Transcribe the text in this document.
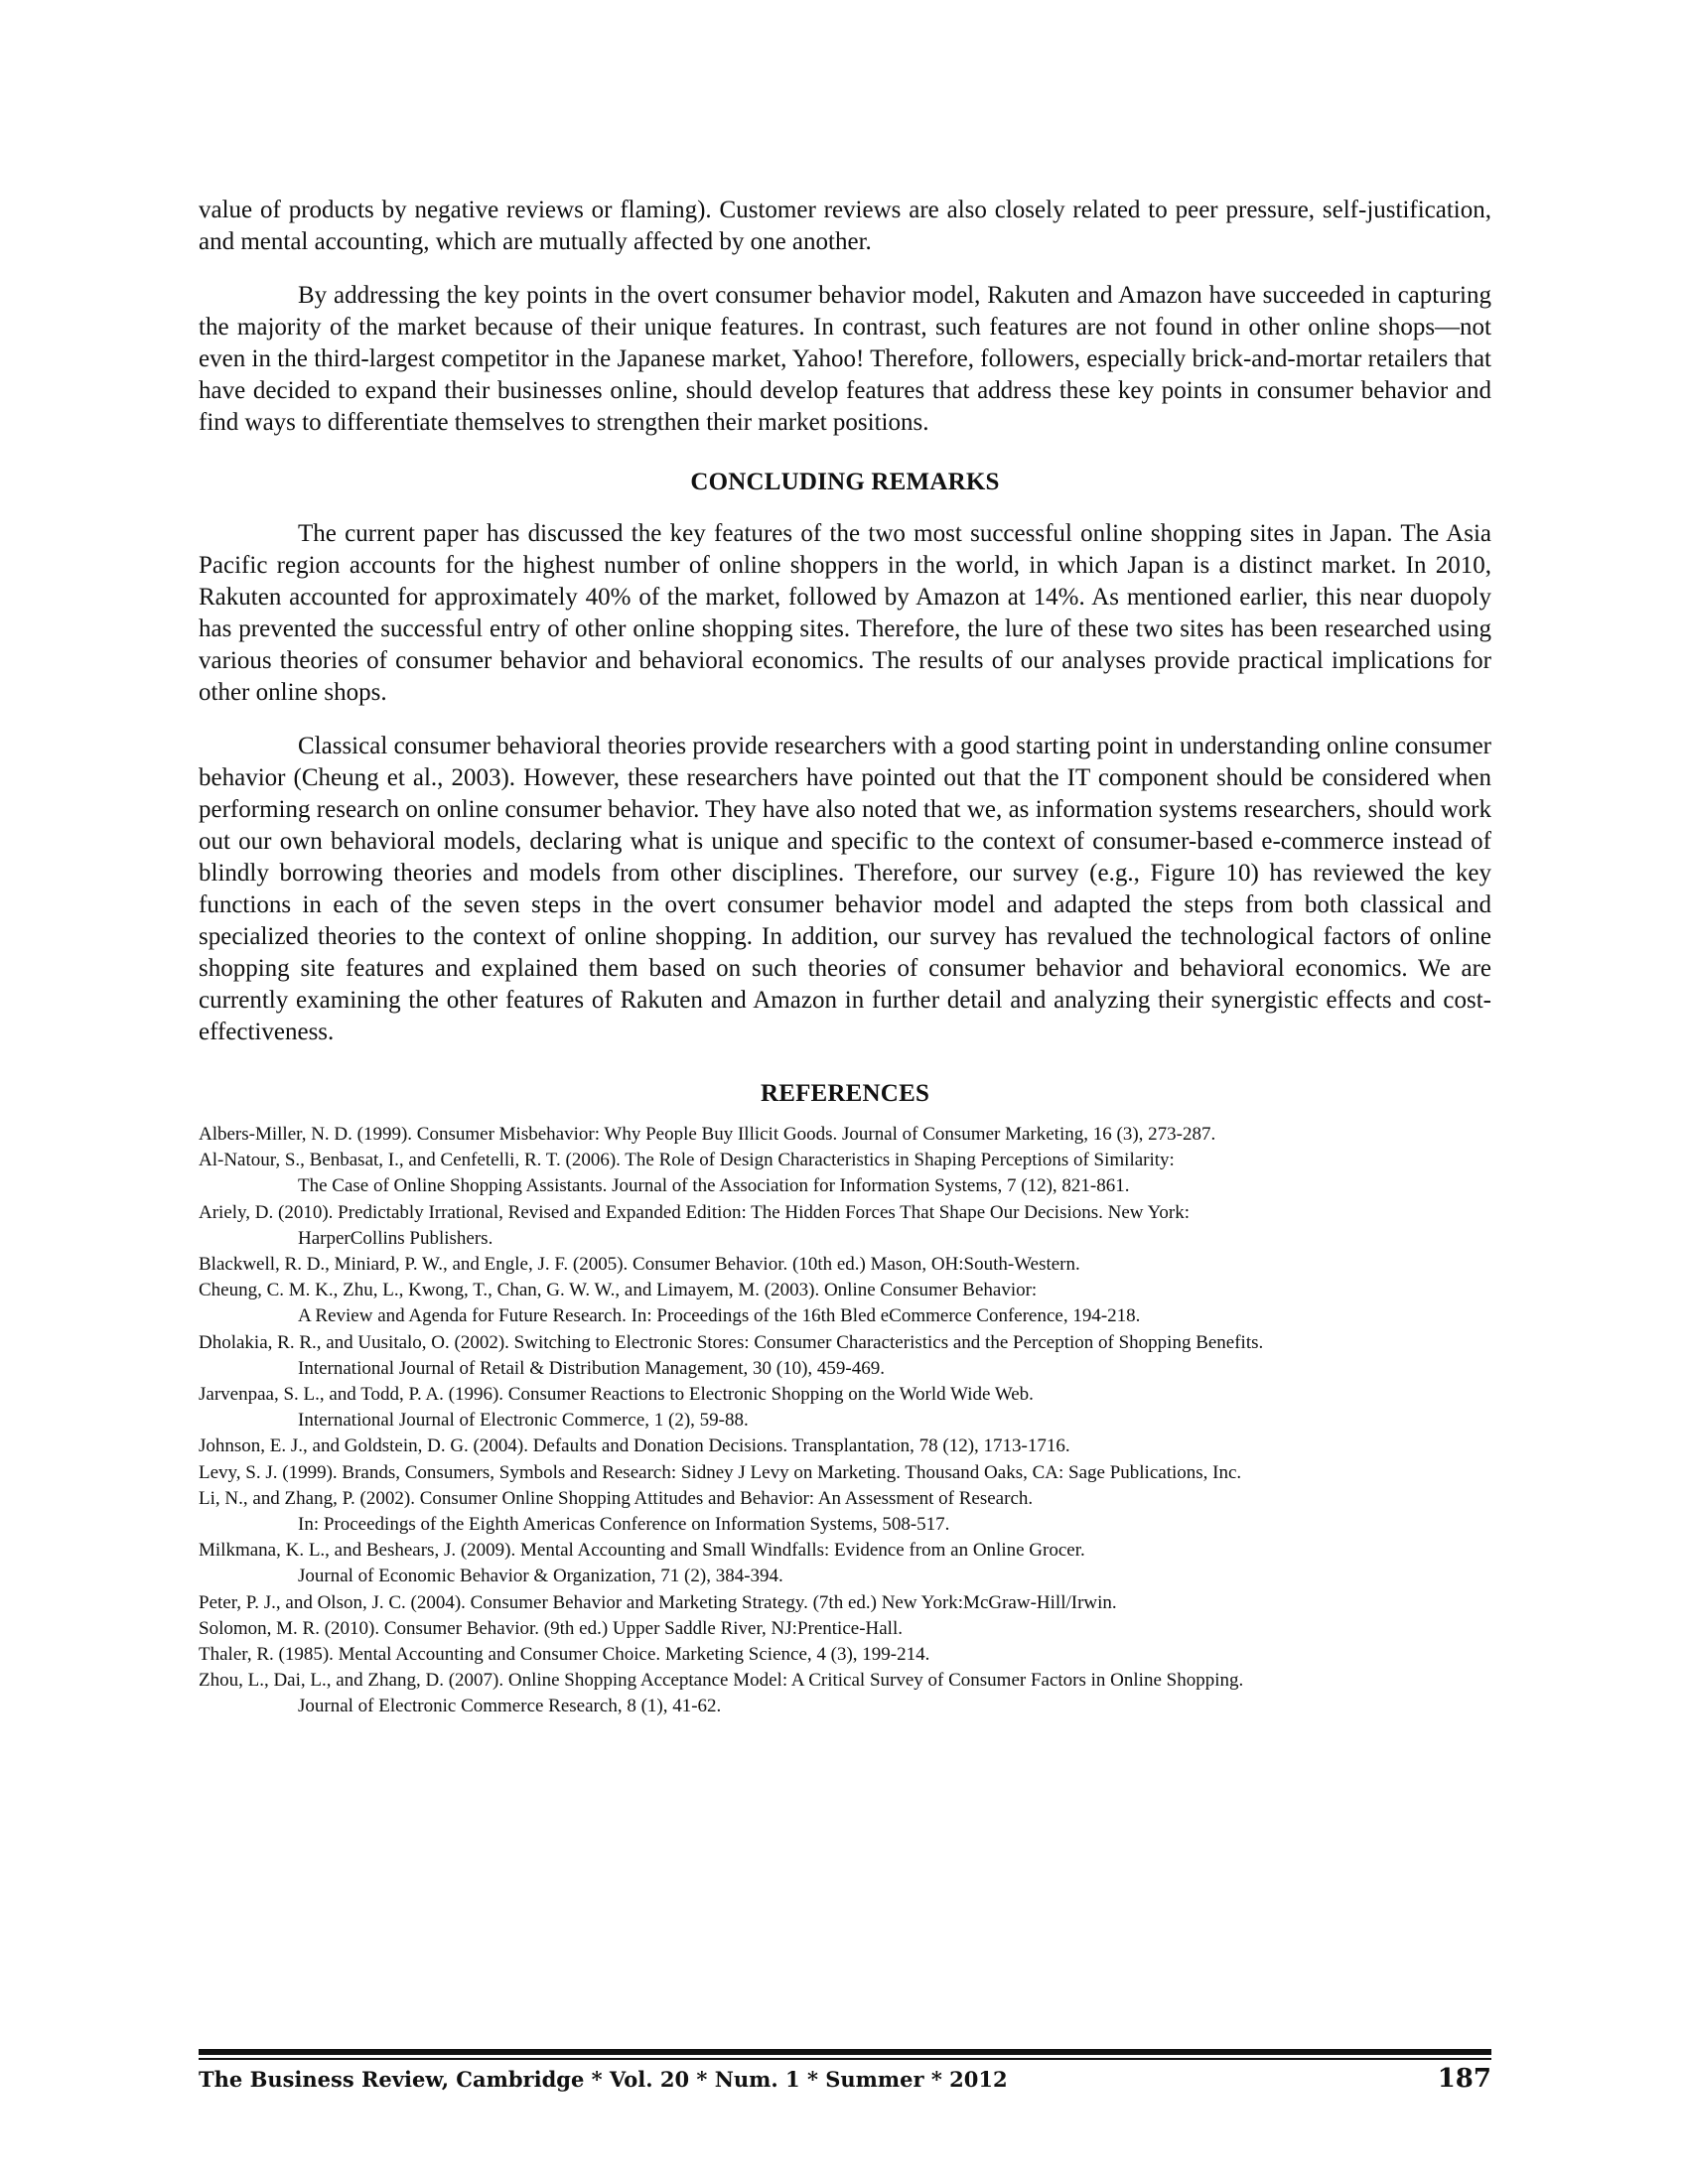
value of products by negative reviews or flaming). Customer reviews are also closely related to peer pressure, self-justification, and mental accounting, which are mutually affected by one another.

By addressing the key points in the overt consumer behavior model, Rakuten and Amazon have succeeded in capturing the majority of the market because of their unique features. In contrast, such features are not found in other online shops—not even in the third-largest competitor in the Japanese market, Yahoo! Therefore, followers, especially brick-and-mortar retailers that have decided to expand their businesses online, should develop features that address these key points in consumer behavior and find ways to differentiate themselves to strengthen their market positions.

CONCLUDING REMARKS

The current paper has discussed the key features of the two most successful online shopping sites in Japan. The Asia Pacific region accounts for the highest number of online shoppers in the world, in which Japan is a distinct market. In 2010, Rakuten accounted for approximately 40% of the market, followed by Amazon at 14%. As mentioned earlier, this near duopoly has prevented the successful entry of other online shopping sites. Therefore, the lure of these two sites has been researched using various theories of consumer behavior and behavioral economics. The results of our analyses provide practical implications for other online shops.

Classical consumer behavioral theories provide researchers with a good starting point in understanding online consumer behavior (Cheung et al., 2003). However, these researchers have pointed out that the IT component should be considered when performing research on online consumer behavior. They have also noted that we, as information systems researchers, should work out our own behavioral models, declaring what is unique and specific to the context of consumer-based e-commerce instead of blindly borrowing theories and models from other disciplines. Therefore, our survey (e.g., Figure 10) has reviewed the key functions in each of the seven steps in the overt consumer behavior model and adapted the steps from both classical and specialized theories to the context of online shopping. In addition, our survey has revalued the technological factors of online shopping site features and explained them based on such theories of consumer behavior and behavioral economics. We are currently examining the other features of Rakuten and Amazon in further detail and analyzing their synergistic effects and cost-effectiveness.

REFERENCES
Albers-Miller, N. D. (1999). Consumer Misbehavior: Why People Buy Illicit Goods. Journal of Consumer Marketing, 16 (3), 273-287.
Al-Natour, S., Benbasat, I., and Cenfetelli, R. T. (2006). The Role of Design Characteristics in Shaping Perceptions of Similarity:
The Case of Online Shopping Assistants. Journal of the Association for Information Systems, 7 (12), 821-861.
Ariely, D. (2010). Predictably Irrational, Revised and Expanded Edition: The Hidden Forces That Shape Our Decisions. New York:
HarperCollins Publishers.
Blackwell, R. D., Miniard, P. W., and Engle, J. F. (2005). Consumer Behavior. (10th ed.) Mason, OH:South-Western.
Cheung, C. M. K., Zhu, L., Kwong, T., Chan, G. W. W., and Limayem, M. (2003). Online Consumer Behavior:
A Review and Agenda for Future Research. In: Proceedings of the 16th Bled eCommerce Conference, 194-218.
Dholakia, R. R., and Uusitalo, O. (2002). Switching to Electronic Stores: Consumer Characteristics and the Perception of Shopping Benefits.
International Journal of Retail & Distribution Management, 30 (10), 459-469.
Jarvenpaa, S. L., and Todd, P. A. (1996). Consumer Reactions to Electronic Shopping on the World Wide Web.
International Journal of Electronic Commerce, 1 (2), 59-88.
Johnson, E. J., and Goldstein, D. G. (2004). Defaults and Donation Decisions. Transplantation, 78 (12), 1713-1716.
Levy, S. J. (1999). Brands, Consumers, Symbols and Research: Sidney J Levy on Marketing. Thousand Oaks, CA: Sage Publications, Inc.
Li, N., and Zhang, P. (2002). Consumer Online Shopping Attitudes and Behavior: An Assessment of Research.
In: Proceedings of the Eighth Americas Conference on Information Systems, 508-517.
Milkmana, K. L., and Beshears, J. (2009). Mental Accounting and Small Windfalls: Evidence from an Online Grocer.
Journal of Economic Behavior & Organization, 71 (2), 384-394.
Peter, P. J., and Olson, J. C. (2004). Consumer Behavior and Marketing Strategy. (7th ed.) New York:McGraw-Hill/Irwin.
Solomon, M. R. (2010). Consumer Behavior. (9th ed.) Upper Saddle River, NJ:Prentice-Hall.
Thaler, R. (1985). Mental Accounting and Consumer Choice. Marketing Science, 4 (3), 199-214.
Zhou, L., Dai, L., and Zhang, D. (2007). Online Shopping Acceptance Model: A Critical Survey of Consumer Factors in Online Shopping.
Journal of Electronic Commerce Research, 8 (1), 41-62.
The Business Review, Cambridge * Vol. 20 * Num. 1 * Summer * 2012	187
